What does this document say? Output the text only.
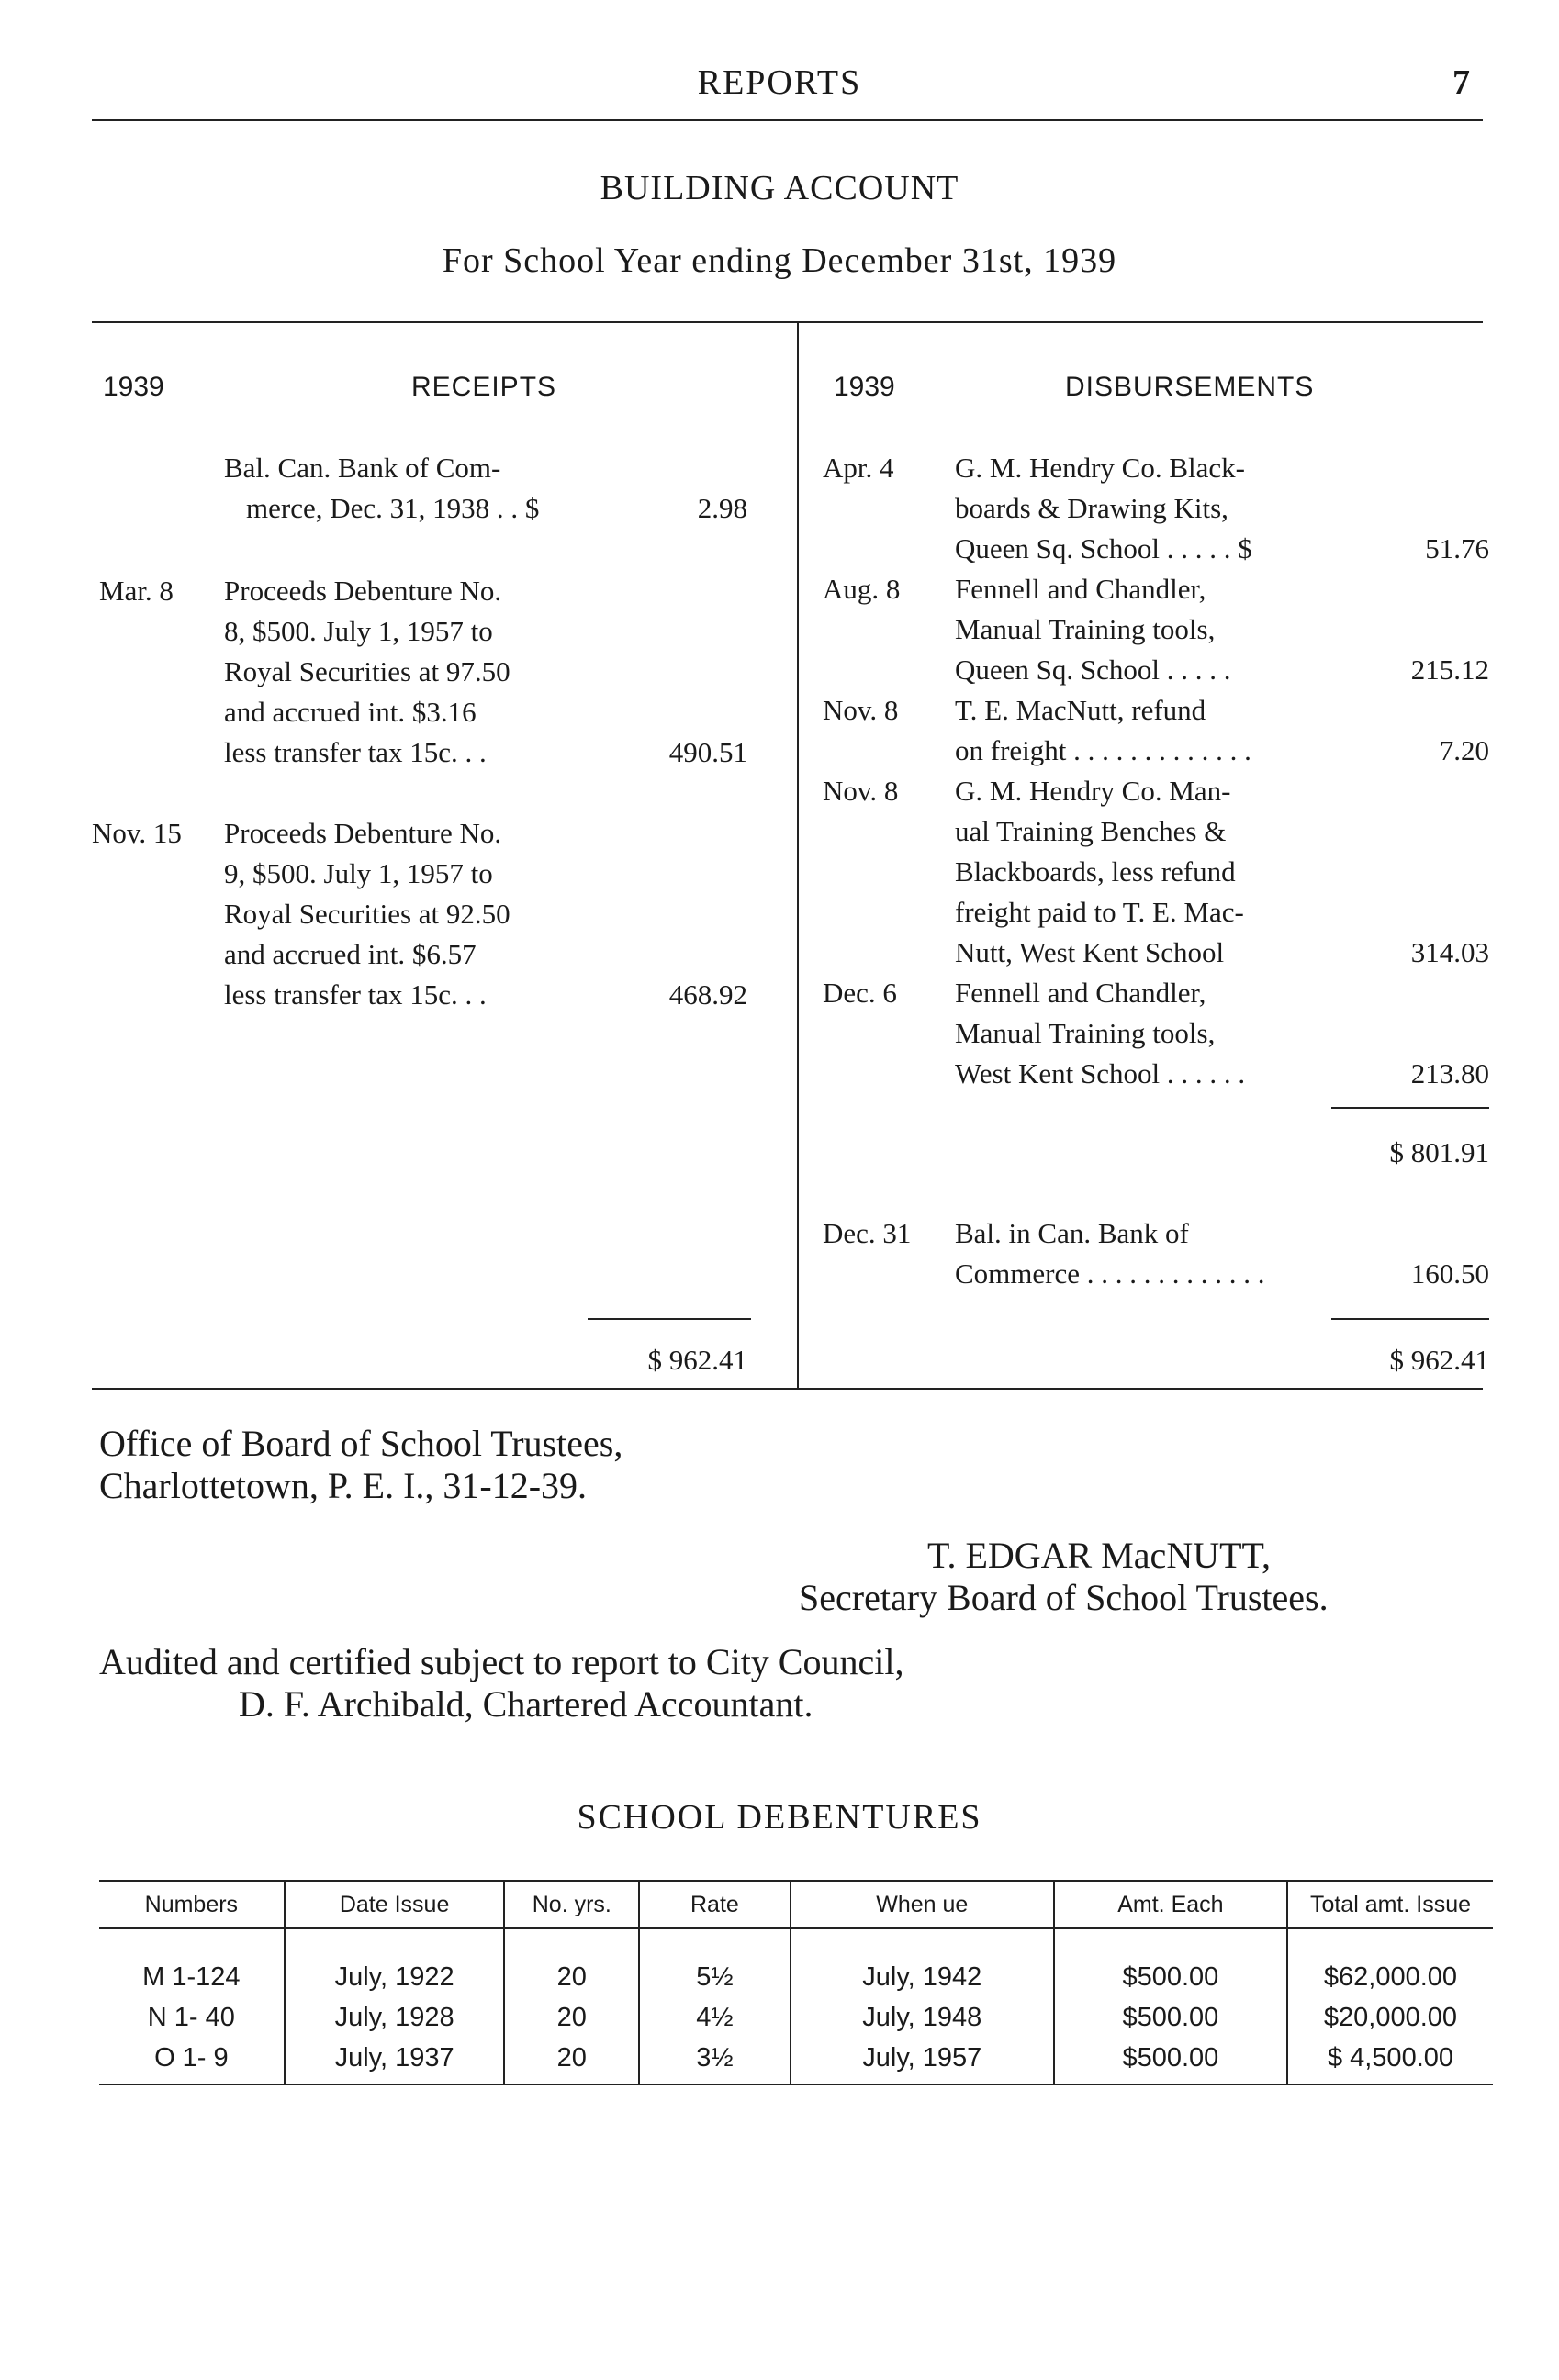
REPORTS	7
BUILDING ACCOUNT
For School Year ending December 31st, 1939
1939	RECEIPTS
Bal. Can. Bank of Com-
merce, Dec. 31, 1938 . . $	2.98
Mar. 8 Proceeds Debenture No.
8, $500. July 1, 1957 to
Royal Securities at 97.50
and accrued int. $3.16
less transfer tax 15c. . .	490.51
Nov. 15 Proceeds Debenture No.
9, $500. July 1, 1957 to
Royal Securities at 92.50
and accrued int. $6.57
less transfer tax 15c. . .	468.92
$ 962.41
1939	DISBURSEMENTS
Apr. 4 G. M. Hendry Co. Black-
boards & Drawing Kits,
Queen Sq. School . . . . . $	51.76
Aug. 8 Fennell and Chandler,
Manual Training tools,
Queen Sq. School . . . . .	215.12
Nov. 8 T. E. MacNutt, refund
on freight . . . . . . . . . . . . .	7.20
Nov. 8 G. M. Hendry Co. Man-
ual Training Benches &
Blackboards, less refund
freight paid to T. E. Mac-
Nutt, West Kent School	314.03
Dec. 6 Fennell and Chandler,
Manual Training tools,
West Kent School . . . . . .	213.80
$ 801.91
Dec. 31 Bal. in Can. Bank of
Commerce . . . . . . . . . . . . .	160.50
$ 962.41
Office of Board of School Trustees,
Charlottetown, P. E. I., 31-12-39.
T. EDGAR MacNUTT,
Secretary Board of School Trustees.
Audited and certified subject to report to City Council,
D. F. Archibald, Chartered Accountant.
SCHOOL DEBENTURES
Numbers	Date Issue	No. yrs.	Rate	When ue	Amt. Each	Total amt. Issue
M 1-124	July, 1922	20	5½	July, 1942	$500.00	$62,000.00
N 1- 40	July, 1928	20	4½	July, 1948	$500.00	$20,000.00
O 1- 9	July, 1937	20	3½	July, 1957	$500.00	$ 4,500.00
